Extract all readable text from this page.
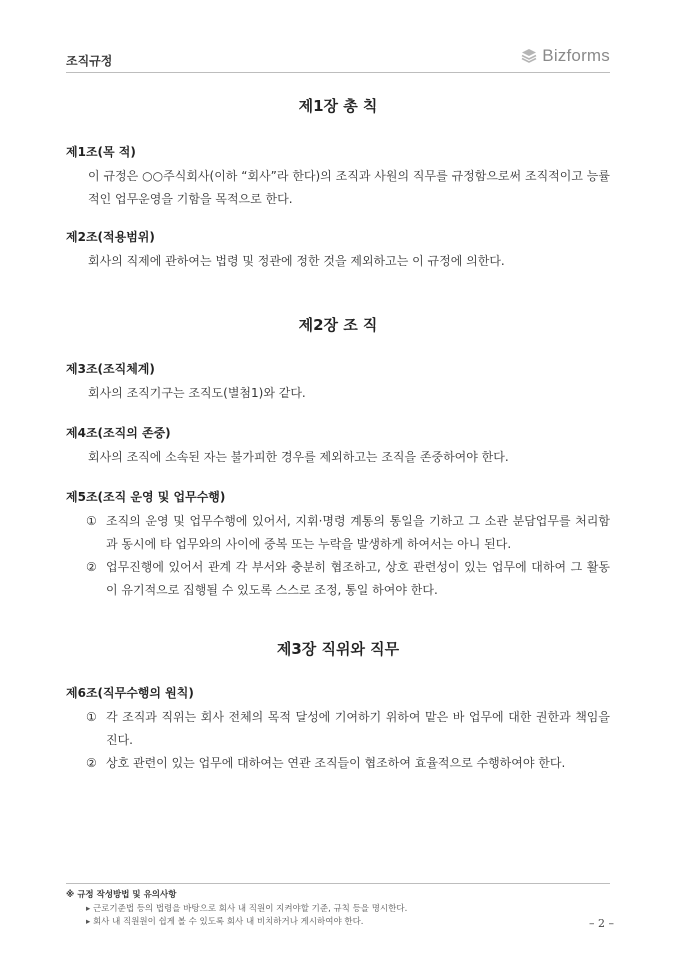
조직규정	Bizforms
제1장 총 칙
제1조(목 적)
이 규정은 ○○주식회사(이하 “회사”라 한다)의 조직과 사원의 직무를 규정함으로써 조직적이고 능률적인 업무운영을 기함을 목적으로 한다.
제2조(적용범위)
회사의 직제에 관하여는 법령 및 정관에 정한 것을 제외하고는 이 규정에 의한다.
제2장 조 직
제3조(조직체계)
회사의 조직기구는 조직도(별첨1)와 같다.
제4조(조직의 존중)
회사의 조직에 소속된 자는 불가피한 경우를 제외하고는 조직을 존중하여야 한다.
제5조(조직 운영 및 업무수행)
① 조직의 운영 및 업무수행에 있어서, 지휘·명령 계통의 통일을 기하고 그 소관 분담업무를 처리함과 동시에 타 업무와의 사이에 중복 또는 누락을 발생하게 하여서는 아니 된다.
② 업무진행에 있어서 관계 각 부서와 충분히 협조하고, 상호 관련성이 있는 업무에 대하여 그 활동이 유기적으로 집행될 수 있도록 스스로 조정, 통일 하여야 한다.
제3장 직위와 직무
제6조(직무수행의 원칙)
① 각 조직과 직위는 회사 전체의 목적 달성에 기여하기 위하여 맡은 바 업무에 대한 권한과 책임을 진다.
② 상호 관련이 있는 업무에 대하여는 연관 조직들이 협조하여 효율적으로 수행하여야 한다.
※ 규정 작성방법 및 유의사항
▸ 근로기준법 등의 법령을 바탕으로 회사 내 직원이 지켜야할 기준, 규칙 등을 명시한다.
▸ 회사 내 직원원이 쉽게 볼 수 있도록 회사 내 비치하거나 게시하여야 한다.	– 2 –
